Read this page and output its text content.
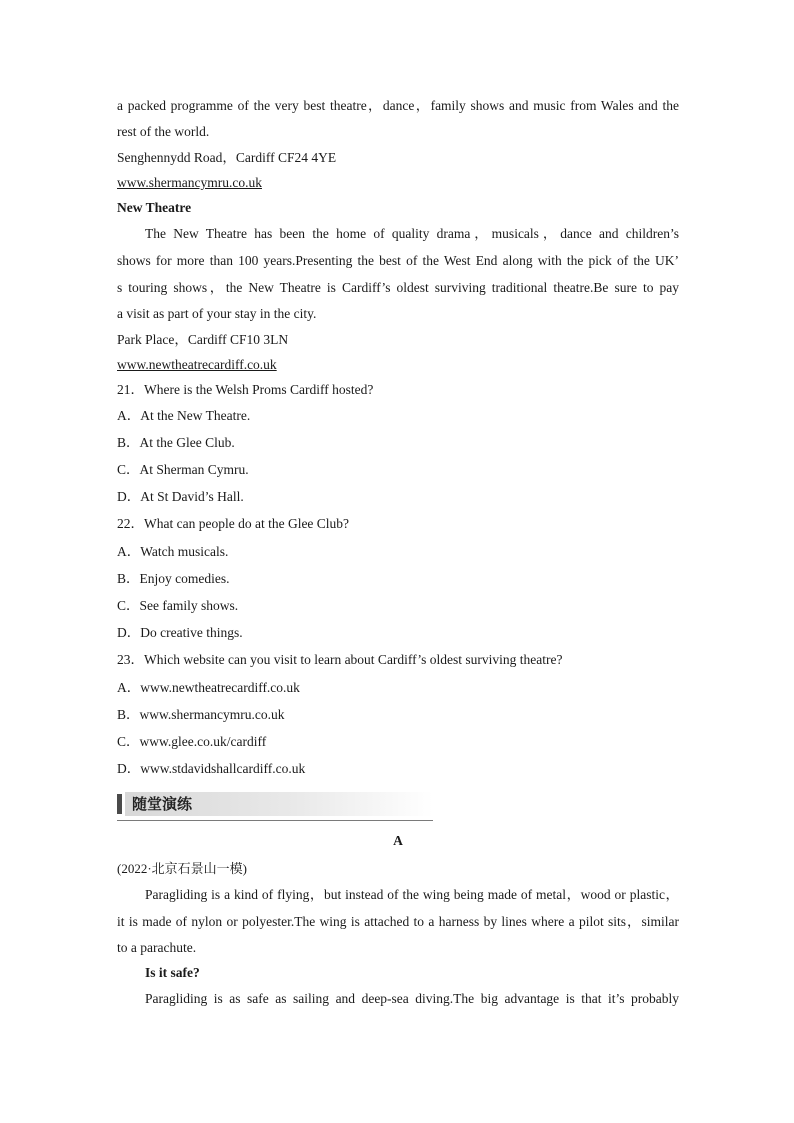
a packed programme of the very best theatre，dance，family shows and music from Wales and the
rest of the world.
Senghennydd Road，Cardiff CF24 4YE
www.shermancymru.co.uk
New Theatre
The New Theatre has been the home of quality drama，musicals，dance and children’s
shows for more than 100 years.Presenting the best of the West End along with the pick of the UK’
s touring shows，the New Theatre is Cardiff’s oldest surviving traditional theatre.Be sure to pay
a visit as part of your stay in the city.
Park Place，Cardiff CF10 3LN
www.newtheatrecardiff.co.uk
21．Where is the Welsh Proms Cardiff hosted?
A．At the New Theatre.
B．At the Glee Club.
C．At Sherman Cymru.
D．At St David’s Hall.
22．What can people do at the Glee Club?
A．Watch musicals.
B．Enjoy comedies.
C．See family shows.
D．Do creative things.
23．Which website can you visit to learn about Cardiff’s oldest surviving theatre?
A．www.newtheatrecardiff.co.uk
B．www.shermancymru.co.uk
C．www.glee.co.uk/cardiff
D．www.stdavidshallcardiff.co.uk
随堂演练
A
(2022·北京石景山一模)
Paragliding is a kind of flying，but instead of the wing being made of metal，wood or plastic，
it is made of nylon or polyester.The wing is attached to a harness by lines where a pilot sits，similar
to a parachute.
Is it safe?
Paragliding is as safe as sailing and deep-sea diving.The big advantage is that it’s probably
